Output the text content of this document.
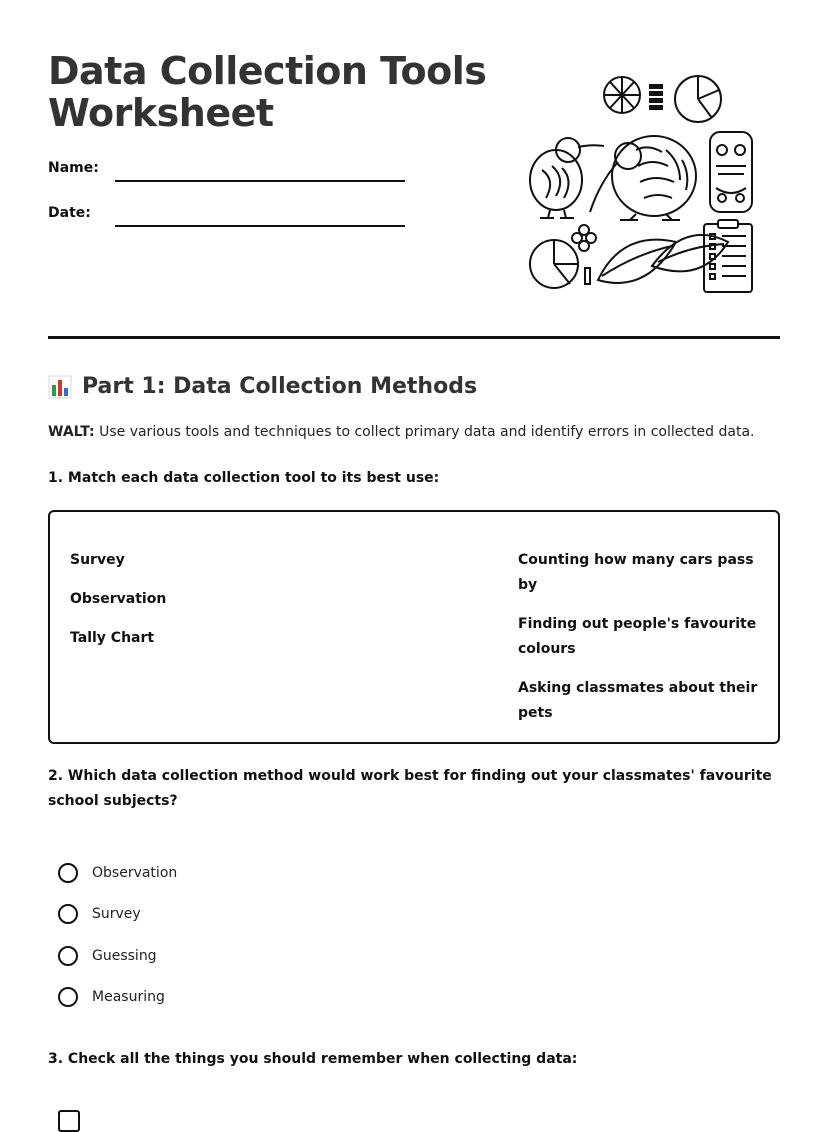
Data Collection Tools Worksheet
Name:
Date:
Part 1: Data Collection Methods
WALT: Use various tools and techniques to collect primary data and identify errors in collected data.
1. Match each data collection tool to its best use:
Survey
Observation
Tally Chart
Counting how many cars pass by
Finding out people's favourite colours
Asking classmates about their pets
2. Which data collection method would work best for finding out your classmates' favourite school subjects?
Observation
Survey
Guessing
Measuring
3. Check all the things you should remember when collecting data:
